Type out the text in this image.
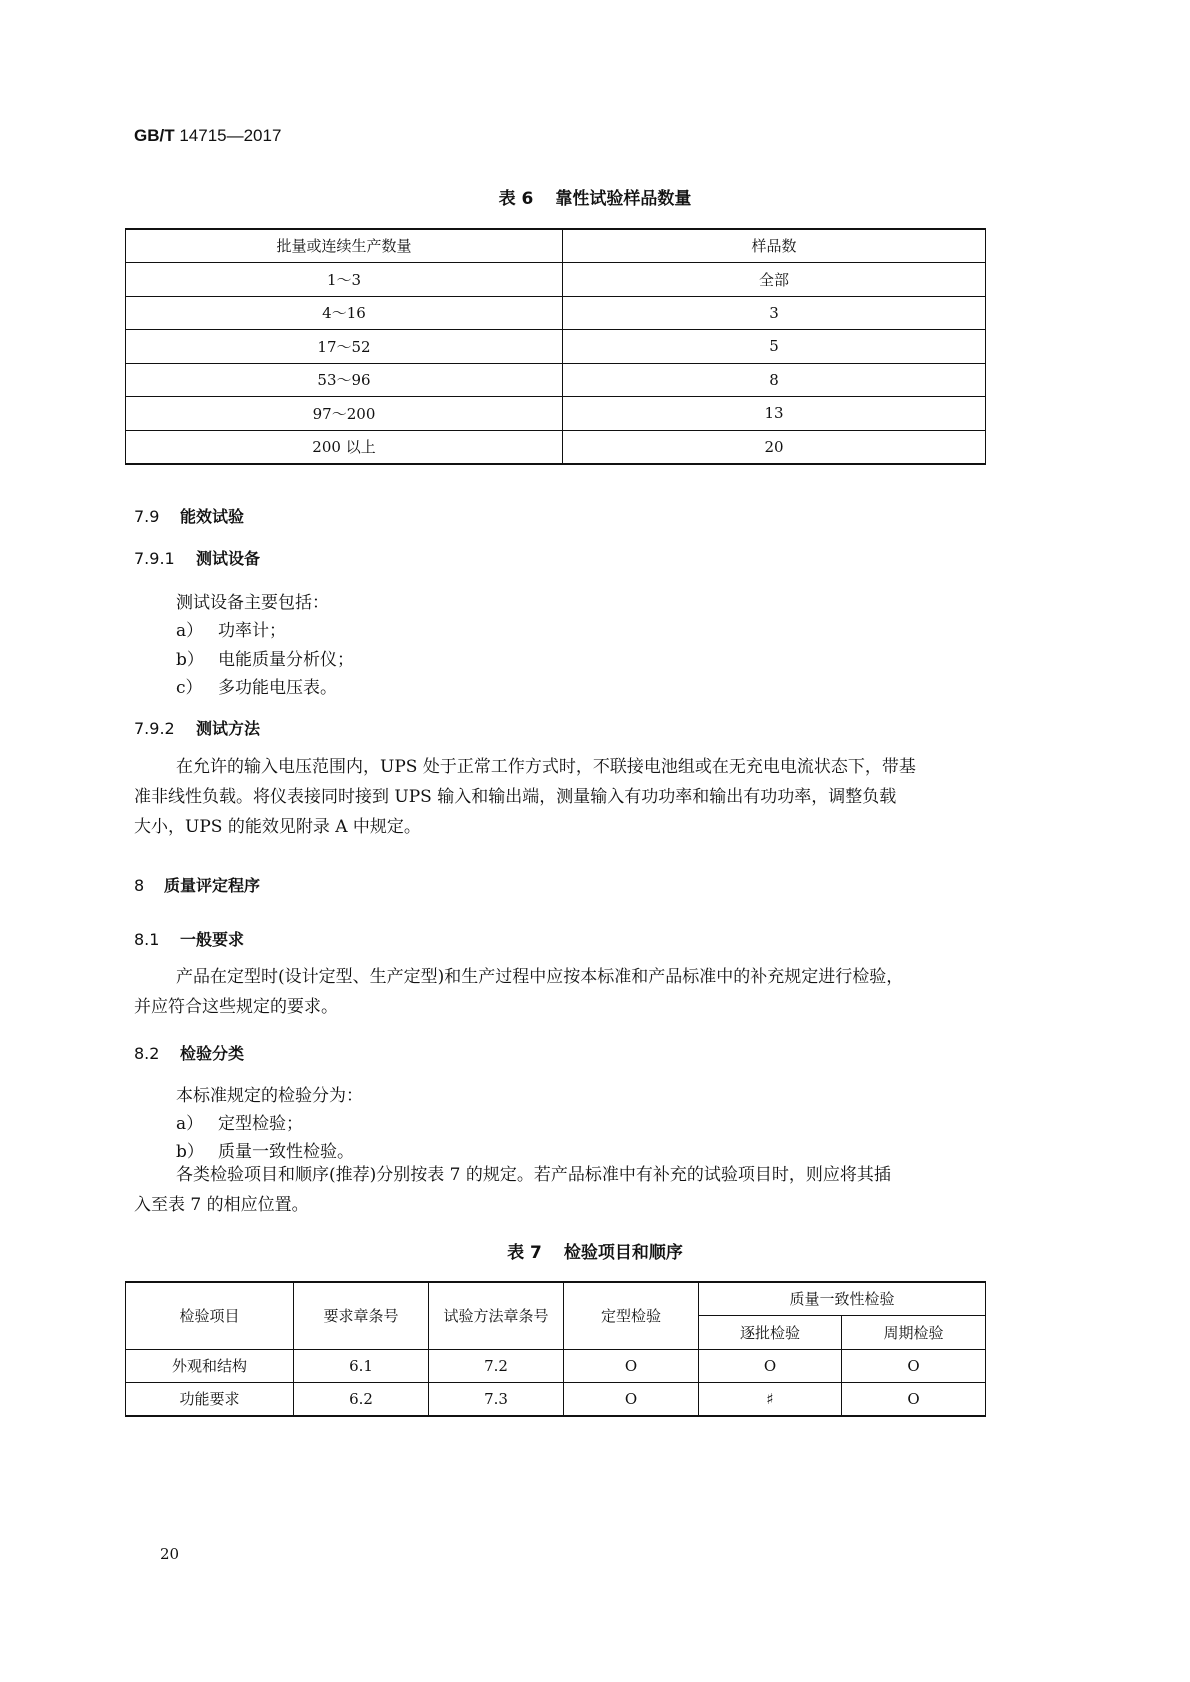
GB/T 14715—2017
表 6 靠性试验样品数量
批量或连续生产数量	样品数
1～3	全部
4～16	3
17～52	5
53～96	8
97～200	13
200 以上	20
7.9 能效试验
7.9.1 测试设备
测试设备主要包括：
a） 功率计；
b） 电能质量分析仪；
c） 多功能电压表。
7.9.2 测试方法
在允许的输入电压范围内，UPS 处于正常工作方式时，不联接电池组或在无充电电流状态下，带基
准非线性负载。将仪表接同时接到 UPS 输入和输出端，测量输入有功功率和输出有功功率，调整负载
大小，UPS 的能效见附录 A 中规定。
8 质量评定程序
8.1 一般要求
产品在定型时(设计定型、生产定型)和生产过程中应按本标准和产品标准中的补充规定进行检验，
并应符合这些规定的要求。
8.2 检验分类
本标准规定的检验分为：
a） 定型检验；
b） 质量一致性检验。
各类检验项目和顺序(推荐)分别按表 7 的规定。若产品标准中有补充的试验项目时，则应将其插
入至表 7 的相应位置。
表 7 检验项目和顺序
检验项目	要求章条号	试验方法章条号	定型检验	质量一致性检验	
				逐批检验	周期检验
外观和结构	6.1	7.2	O	O	O
功能要求	6.2	7.3	O	♯	O
20
